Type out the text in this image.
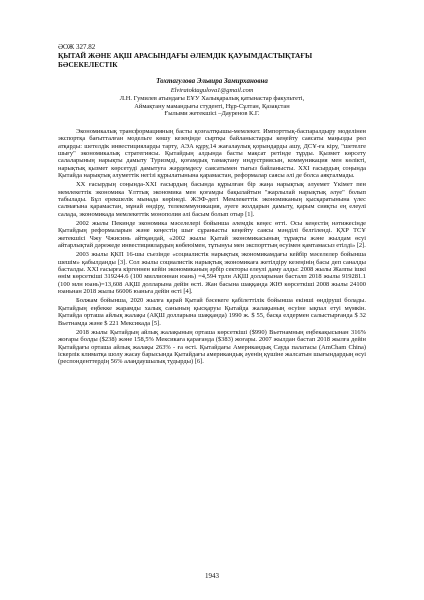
ӘОЖ 327.82

ҚЫТАЙ ЖӘНЕ АҚШ АРАСЫНДАҒЫ ӘЛЕМДІК ҚАУЫМДАСТЫҚТАҒЫ БӘСЕКЕЛЕСТІК

Тохтагулова Эльвира Замирхановна

Elviratoktagulova1@gmail.com

Л.Н. Гумилев атындағы ЕҰУ Халықаралық қатынастар факультеті,

Аймақтану мамандығы студенті, Нұр-Сұлтан, Қазақстан

Ғылыми жетекшісі –Дауренов К.Г.

Экономикалық трансформацияның басты қозғалтқышы-мемлекет. Импорттық-баспаралдыру моделінен экспортқа бағытталған модельге көшу кезеңінде сыртқы байланыстарды кеңейту саясаты маңызды рөл атқарды: шетелдік инвестицияларды тарту, АЭА құру,14 жағалаулық қорындарды ашу, ДСҰ-ға кіру, "шетелге шығу" экономикалық стратегиясы. Қытайдың алдында басты мақсат ретінде тұрды. Қызмет көрсету салаларының нарықты дамыту Туризмді, қоғамдық тамақтану индустриясын, коммуникация мен көлікті, нарықтық қызмет көрсетуді дамытуға жәрдемдесу саясатымен тығыз байланысты. XXI ғасырдың соңында Қытайда нарықтық әлуметтік негізі құрылатынына қарамастан, реформалар саясы әлі де болса аяқталмады.

XX ғасырдың соңында-XXI ғасырдың басында құрылған бір жаңа нарықтық әлуемет Үкімет пен мемлекеттік экономика Ұлттық экономика мен қоғамды бақылайтын "жарлылай нарықтық әлуе" болып табылады. Бұл ерекшелік мынада көрінеді. ЖЭФ-дегі Мемлекеттік экономиканың қысқаратынына үлес салмағына қарамастан, мұнай өндіру, телекоммуникация, әуеге жолдарын дамыту, қарым сияқты ең елеулі салада, экономикада мемлекеттік монополия әлі басым болып отыр [1].

2002 жылы Пекинде экономика мәселелері бойынша әлемдік кеңес өтті. Осы кеңестің нәтижесінде Қытайдың реформаларын және кеңестің шығ сұранысты кеңейту саясы мәнділі белгіленді. ҚХР ТСҰ жетекшісі Чжу Чжисинь айтқандай, «2002 жылы Қытай экономикасының тұрақты және жылдам өсуі айтарлықтай дәрежеде инвестициялардың көбеюімен, тұтынуы мен экспорттың өсуімен қамтамасыз етілді» [2].

2003 жылы ҚКП 16-шы съезінде «социалистік нарықтық экономикамдағы кейбір мәселелер бойынша шешім» қабылданды [3]. Сол жылы социалистік нарықтық экономикаға жетілдіру кезеңінің басы деп саналды басталды. XXI ғасырға кіргеннен кейін экономиканың әрбір секторы елеулі даму алды: 2008 жылы Жалпы ішкі өнім көрсеткіші 319244.6 (100 миллионнан юань) =4,594 трлн АҚШ долларынан басталп 2018 жылы 919281.1 (100 млн юань)=13,608 АҚШ долларына дейін өсті. Жан басына шаққанда ЖІӨ көрсеткіші 2008 жылы 24100 юаньнан 2018 жылы 66006 юаньға дейін өсті [4].

Болжам бойынша, 2020 жылға қарай Қытай бәсекеге қабілеттілік бойынша екінші өндіруші болады. Қытайдың еңбекке жарамды халық санының қысқаруы Қытайда жалақының өсуіне ықпал етуі мүмкін. Қытайда орташа айлық жалақы (АҚШ долларына шаққанда) 1990 ж. $ 55, басқа елдермен салыстырғанда $ 32 Вьетнамда және $ 221 Мексикада [5].

2018 жылы Қытайдың айлық жалақының орташа көрсеткіші ($990) Вьетнамның еңбекақысынан 316% жоғары болды ($238) және 158,5% Мексикаға қарағанда ($383) жоғары. 2007 жылдан бастап 2018 жылға дейін Қытайдағы орташа айлық жалақы 263% - ға өсті. Қытайдағы Американдық Сауда палатасы (AmCham China) іскерлік климатқа шолу жасау барысында Қытайдағы американдық әуенің қүшіне жалсатын шығындардың өсуі (респонденттердің 56% алаңдаушылық тудырды) [6].

1943
